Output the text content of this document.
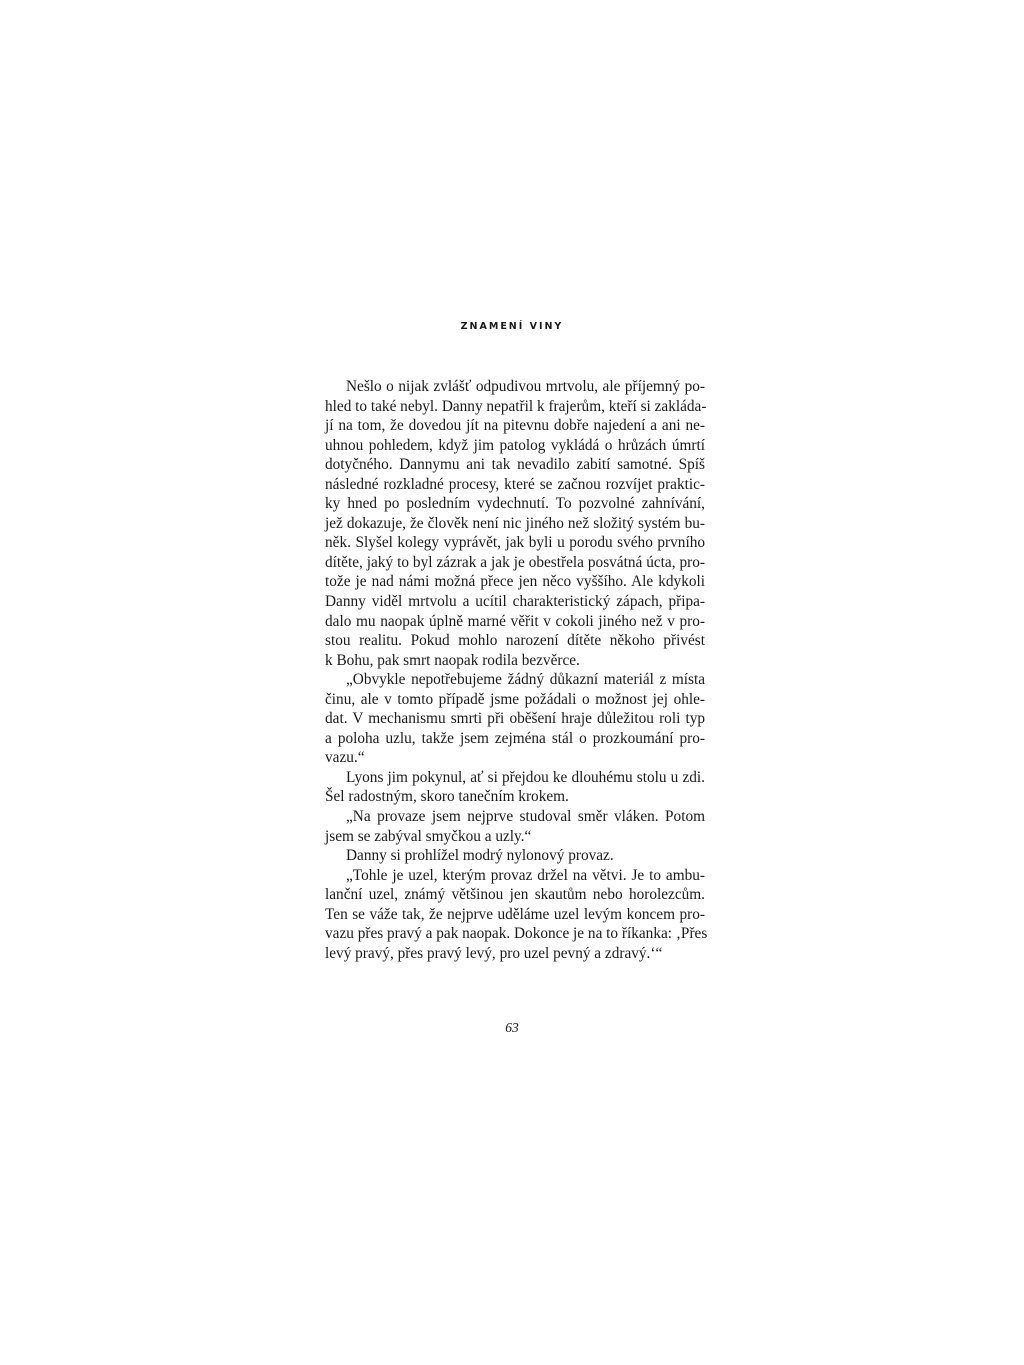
ZNAMENÍ VINY
Nešlo o nijak zvlášť odpudivou mrtvolu, ale příjemný po-
hled to také nebyl. Danny nepatřil k frajerům, kteří si zakláda-
jí na tom, že dovedou jít na pitevnu dobře najedení a ani ne-
uhnou pohledem, když jim patolog vykládá o hrůzách úmrtí
dotyčného. Dannymu ani tak nevadilo zabití samotné. Spíš
následné rozkladné procesy, které se začnou rozvíjet praktic-
ky hned po posledním vydechnutí. To pozvolné zahnívání,
jež dokazuje, že člověk není nic jiného než složitý systém bu-
něk. Slyšel kolegy vyprávět, jak byli u porodu svého prvního
dítěte, jaký to byl zázrak a jak je obestřela posvátná úcta, pro-
tože je nad námi možná přece jen něco vyššího. Ale kdykoli
Danny viděl mrtvolu a ucítil charakteristický zápach, připa-
dalo mu naopak úplně marné věřit v cokoli jiného než v pro-
stou realitu. Pokud mohlo narození dítěte někoho přivést
k Bohu, pak smrt naopak rodila bezvěrce.
„Obvykle nepotřebujeme žádný důkazní materiál z místa
činu, ale v tomto případě jsme požádali o možnost jej ohle-
dat. V mechanismu smrti při oběšení hraje důležitou roli typ
a poloha uzlu, takže jsem zejména stál o prozkoumání pro-
vazu.“
Lyons jim pokynul, ať si přejdou ke dlouhému stolu u zdi.
Šel radostným, skoro tanečním krokem.
„Na provaze jsem nejprve studoval směr vláken. Potom
jsem se zabýval smyčkou a uzly.“
Danny si prohlížel modrý nylonový provaz.
„Tohle je uzel, kterým provaz držel na větvi. Je to ambu-
lanční uzel, známý většinou jen skautům nebo horolezcům.
Ten se váže tak, že nejprve uděláme uzel levým koncem pro-
vazu přes pravý a pak naopak. Dokonce je na to říkanka: ‚Přes
levý pravý, přes pravý levý, pro uzel pevný a zdravý.‘“
63
